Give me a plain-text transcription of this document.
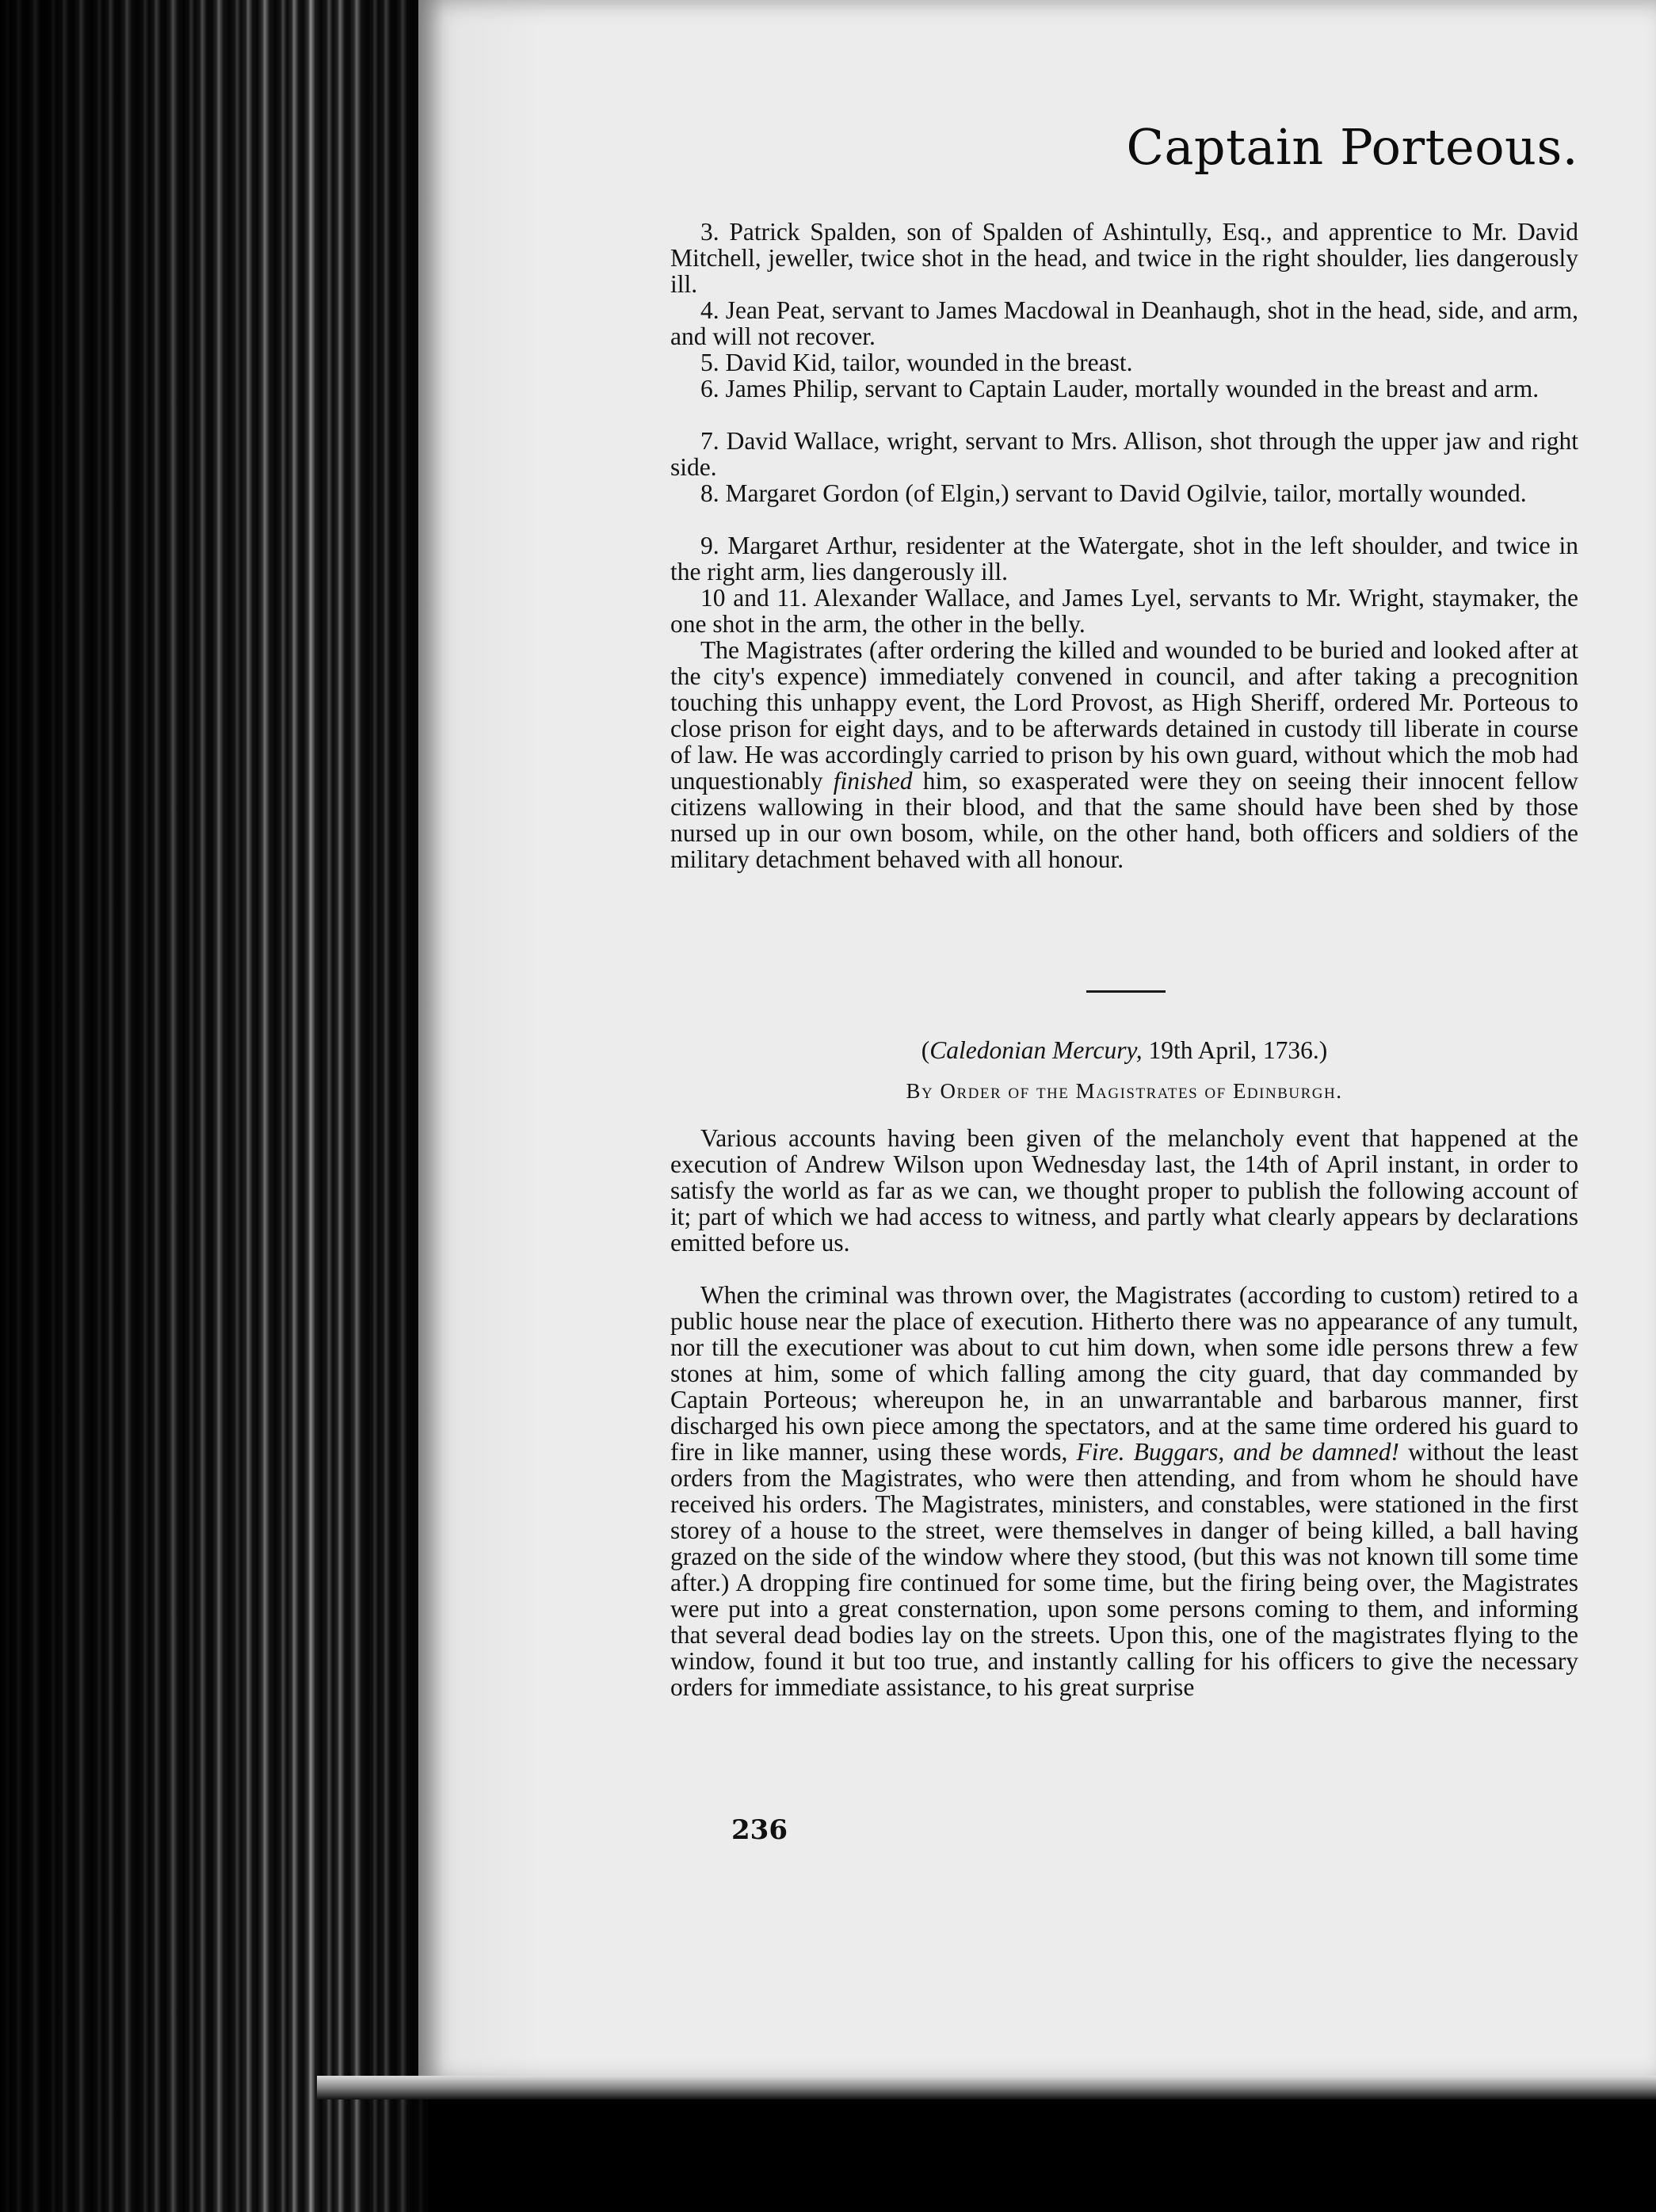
Captain Porteous.

3. Patrick Spalden, son of Spalden of Ashintully, Esq., and apprentice to Mr. David Mitchell, jeweller, twice shot in the head, and twice in the right shoulder, lies dangerously ill.

4. Jean Peat, servant to James Macdowal in Deanhaugh, shot in the head, side, and arm, and will not recover.

5. David Kid, tailor, wounded in the breast.

6. James Philip, servant to Captain Lauder, mortally wounded in the breast and arm.

7. David Wallace, wright, servant to Mrs. Allison, shot through the upper jaw and right side.

8. Margaret Gordon (of Elgin,) servant to David Ogilvie, tailor, mortally wounded.

9. Margaret Arthur, residenter at the Watergate, shot in the left shoulder, and twice in the right arm, lies dangerously ill.

10 and 11. Alexander Wallace, and James Lyel, servants to Mr. Wright, staymaker, the one shot in the arm, the other in the belly.

The Magistrates (after ordering the killed and wounded to be buried and looked after at the city's expence) immediately convened in council, and after taking a precognition touching this unhappy event, the Lord Provost, as High Sheriff, ordered Mr. Porteous to close prison for eight days, and to be afterwards detained in custody till liberate in course of law. He was accordingly carried to prison by his own guard, without which the mob had unquestionably finished him, so exasperated were they on seeing their innocent fellow citizens wallowing in their blood, and that the same should have been shed by those nursed up in our own bosom, while, on the other hand, both officers and soldiers of the military detachment behaved with all honour.

(Caledonian Mercury, 19th April, 1736.)
By Order of the Magistrates of Edinburgh.

Various accounts having been given of the melancholy event that happened at the execution of Andrew Wilson upon Wednesday last, the 14th of April instant, in order to satisfy the world as far as we can, we thought proper to publish the following account of it; part of which we had access to witness, and partly what clearly appears by declarations emitted before us.

When the criminal was thrown over, the Magistrates (according to custom) retired to a public house near the place of execution. Hitherto there was no appearance of any tumult, nor till the executioner was about to cut him down, when some idle persons threw a few stones at him, some of which falling among the city guard, that day commanded by Captain Porteous; whereupon he, in an unwarrantable and barbarous manner, first discharged his own piece among the spectators, and at the same time ordered his guard to fire in like manner, using these words, Fire. Buggars, and be damned! without the least orders from the Magistrates, who were then attending, and from whom he should have received his orders. The Magistrates, ministers, and constables, were stationed in the first storey of a house to the street, were themselves in danger of being killed, a ball having grazed on the side of the window where they stood, (but this was not known till some time after.) A dropping fire continued for some time, but the firing being over, the Magistrates were put into a great consternation, upon some persons coming to them, and informing that several dead bodies lay on the streets. Upon this, one of the magistrates flying to the window, found it but too true, and instantly calling for his officers to give the necessary orders for immediate assistance, to his great surprise

236
